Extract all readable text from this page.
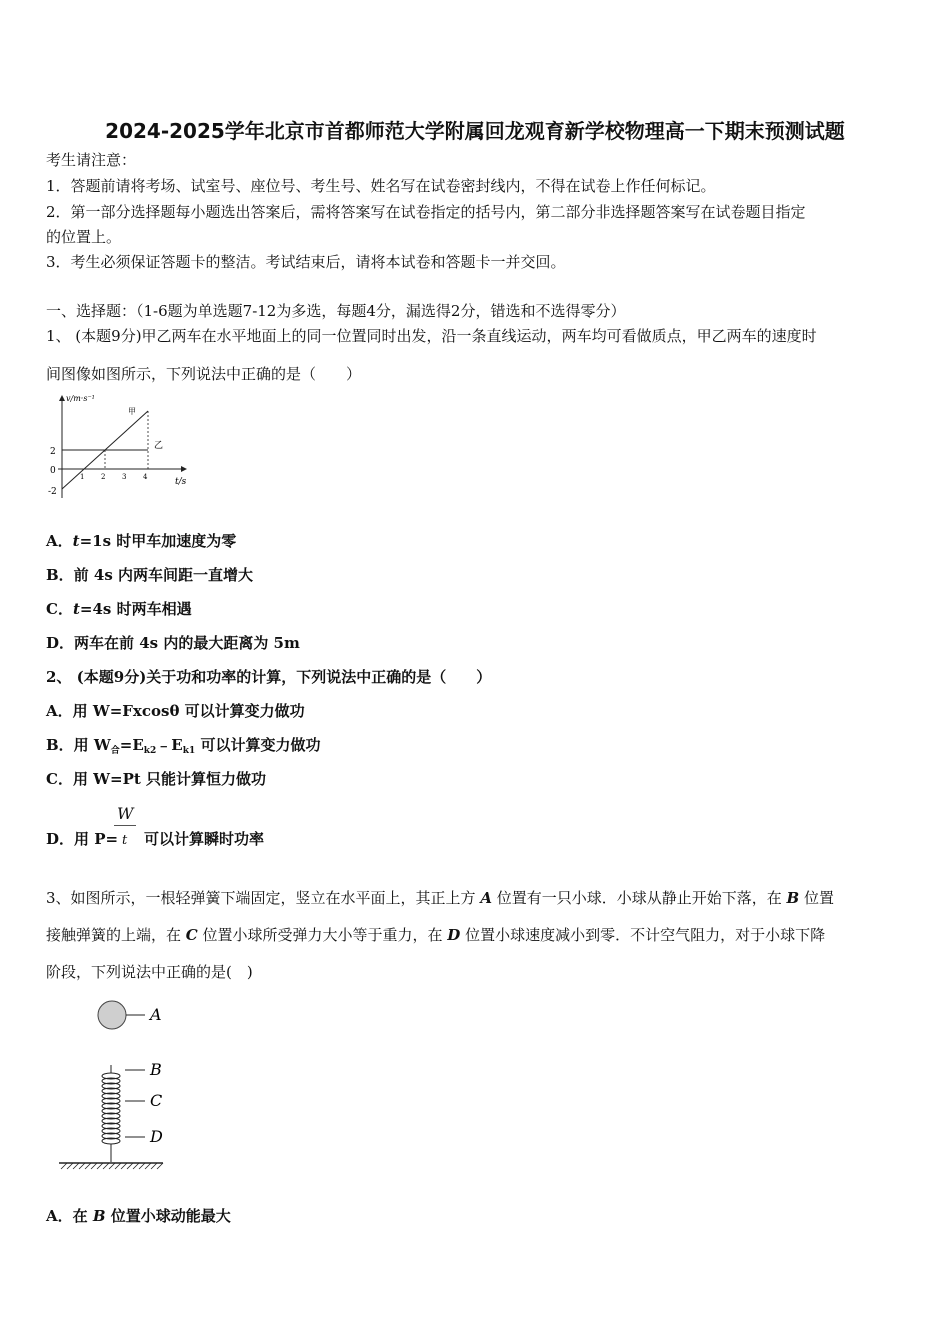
2024-2025学年北京市首都师范大学附属回龙观育新学校物理高一下期末预测试题
考生请注意：
1．答题前请将考场、试室号、座位号、考生号、姓名写在试卷密封线内，不得在试卷上作任何标记。
2．第一部分选择题每小题选出答案后，需将答案写在试卷指定的括号内，第二部分非选择题答案写在试卷题目指定
的位置上。
3．考生必须保证答题卡的整洁。考试结束后，请将本试卷和答题卡一并交回。
一、选择题：（1-6题为单选题7-12为多选，每题4分，漏选得2分，错选和不选得零分）
1、 (本题9分)甲乙两车在水平地面上的同一位置同时出发，沿一条直线运动，两车均可看做质点，甲乙两车的速度时
间图像如图所示，下列说法中正确的是（　　）
v/m·s⁻¹
t/s
2
0
-2
1 2 3 4
甲
乙
A．t=1s 时甲车加速度为零
B．前 4s 内两车间距一直增大
C．t=4s 时两车相遇
D．两车在前 4s 内的最大距离为 5m
2、 (本题9分)关于功和功率的计算，下列说法中正确的是（　　）
A．用 W=Fxcosθ 可以计算变力做功
B．用 $W_合=E_{k2}﹣E_{k1}$ 可以计算变力做功
C．用 W=Pt 只能计算恒力做功
D．用 P=
W
t 可以计算瞬时功率
3、如图所示，一根轻弹簧下端固定，竖立在水平面上，其正上方 A 位置有一只小球．小球从静止开始下落，在 B 位置
接触弹簧的上端，在 C 位置小球所受弹力大小等于重力，在 D 位置小球速度减小到零．不计空气阻力，对于小球下降
阶段，下列说法中正确的是(　)
A
B
C
D
A．在 B 位置小球动能最大
